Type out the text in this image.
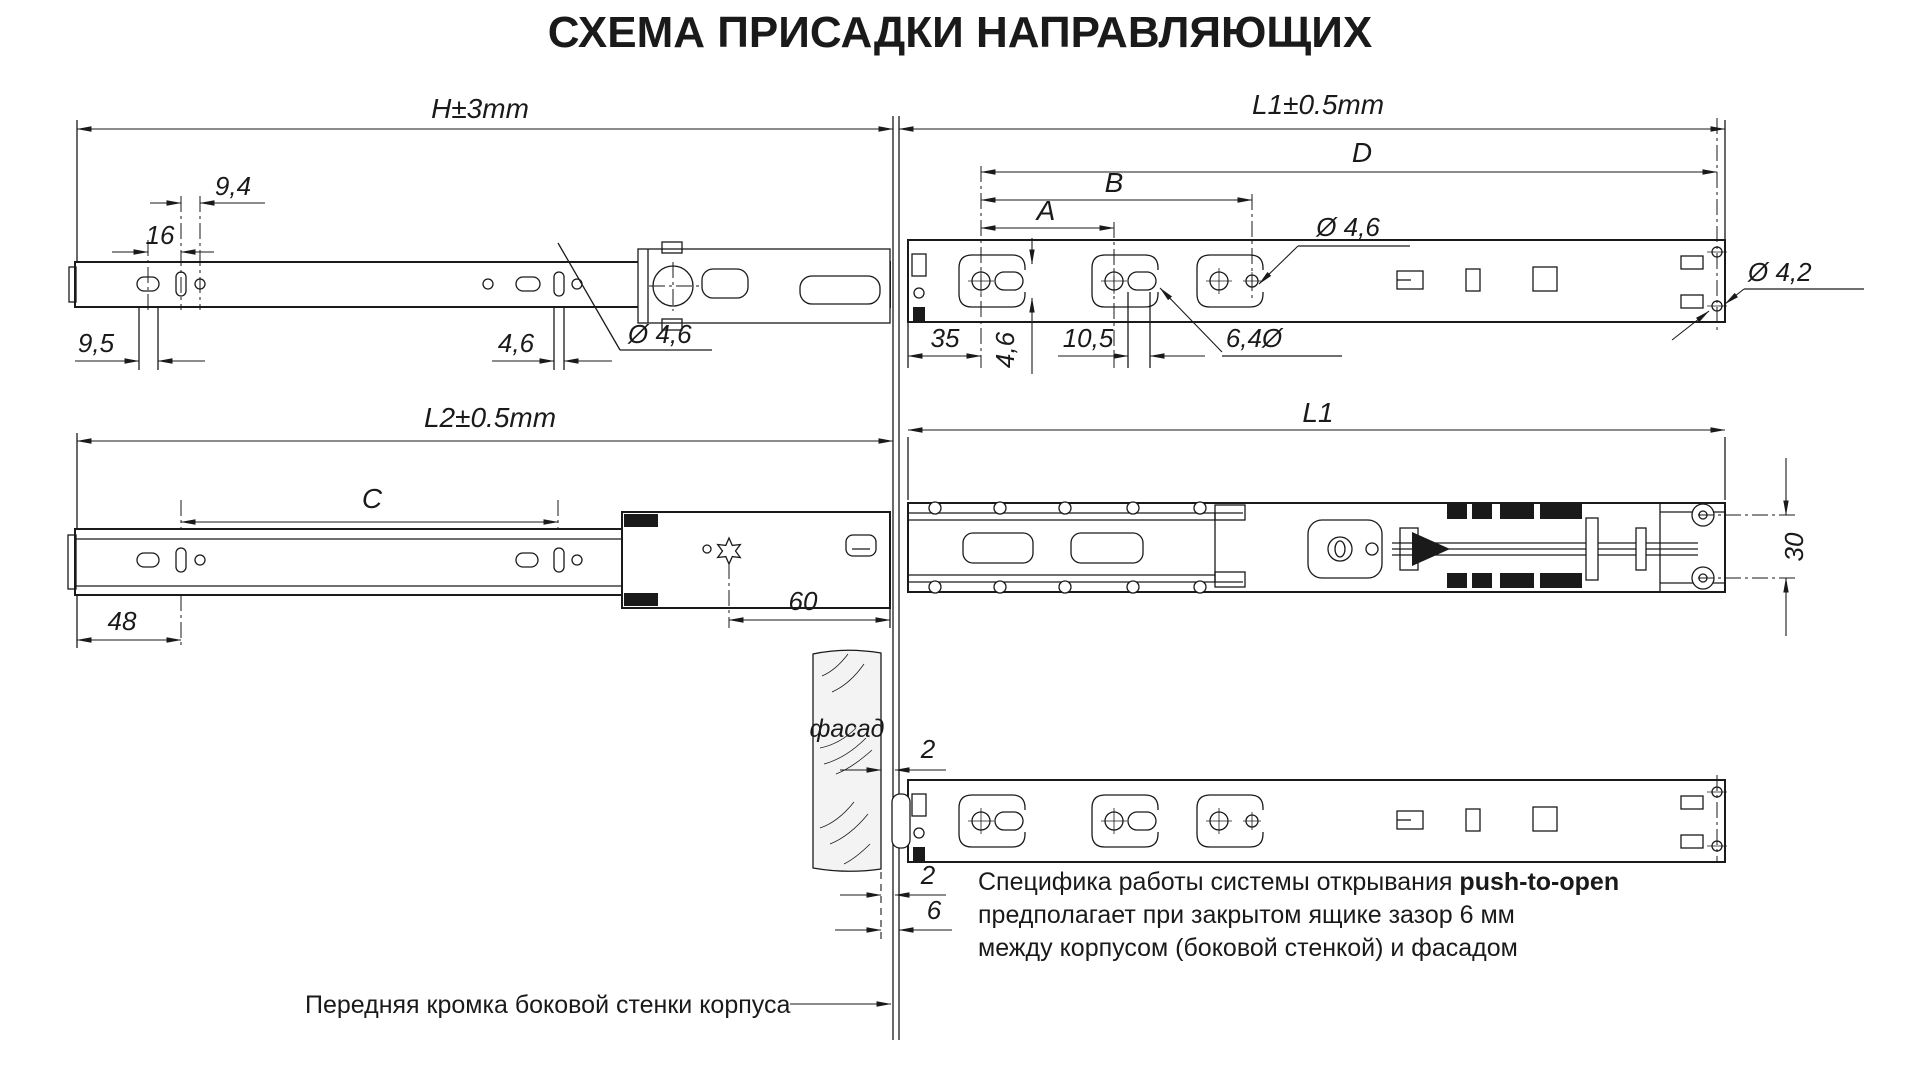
СХЕМА ПРИСАДКИ НАПРАВЛЯЮЩИХ
H±3mm
9,4
16
9,5	4,6	Ø 4,6
L1±0.5mm
D
B
A
Ø 4,6
Ø 4,2
35 4,6 10,5	6,4Ø
L2±0.5mm
C
48
60
L1
30
фасад
2
2
6
Специфика работы системы открывания push-to-open
предполагает при закрытом ящике зазор 6 мм
между корпусом (боковой стенкой) и фасадом
Передняя кромка боковой стенки корпуса
